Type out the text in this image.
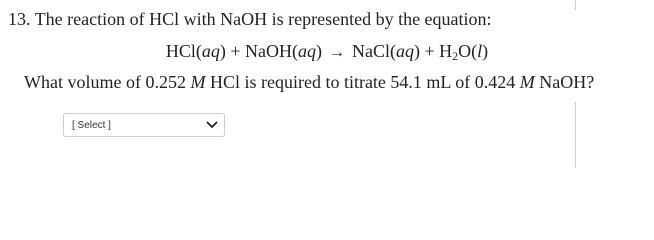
13. The reaction of HCl with NaOH is represented by the equation:
HCl(aq) + NaOH(aq) → NaCl(aq) + $H_2O(l)$
What volume of 0.252 M HCl is required to titrate 54.1 mL of 0.424 M NaOH?
[ Select ]
